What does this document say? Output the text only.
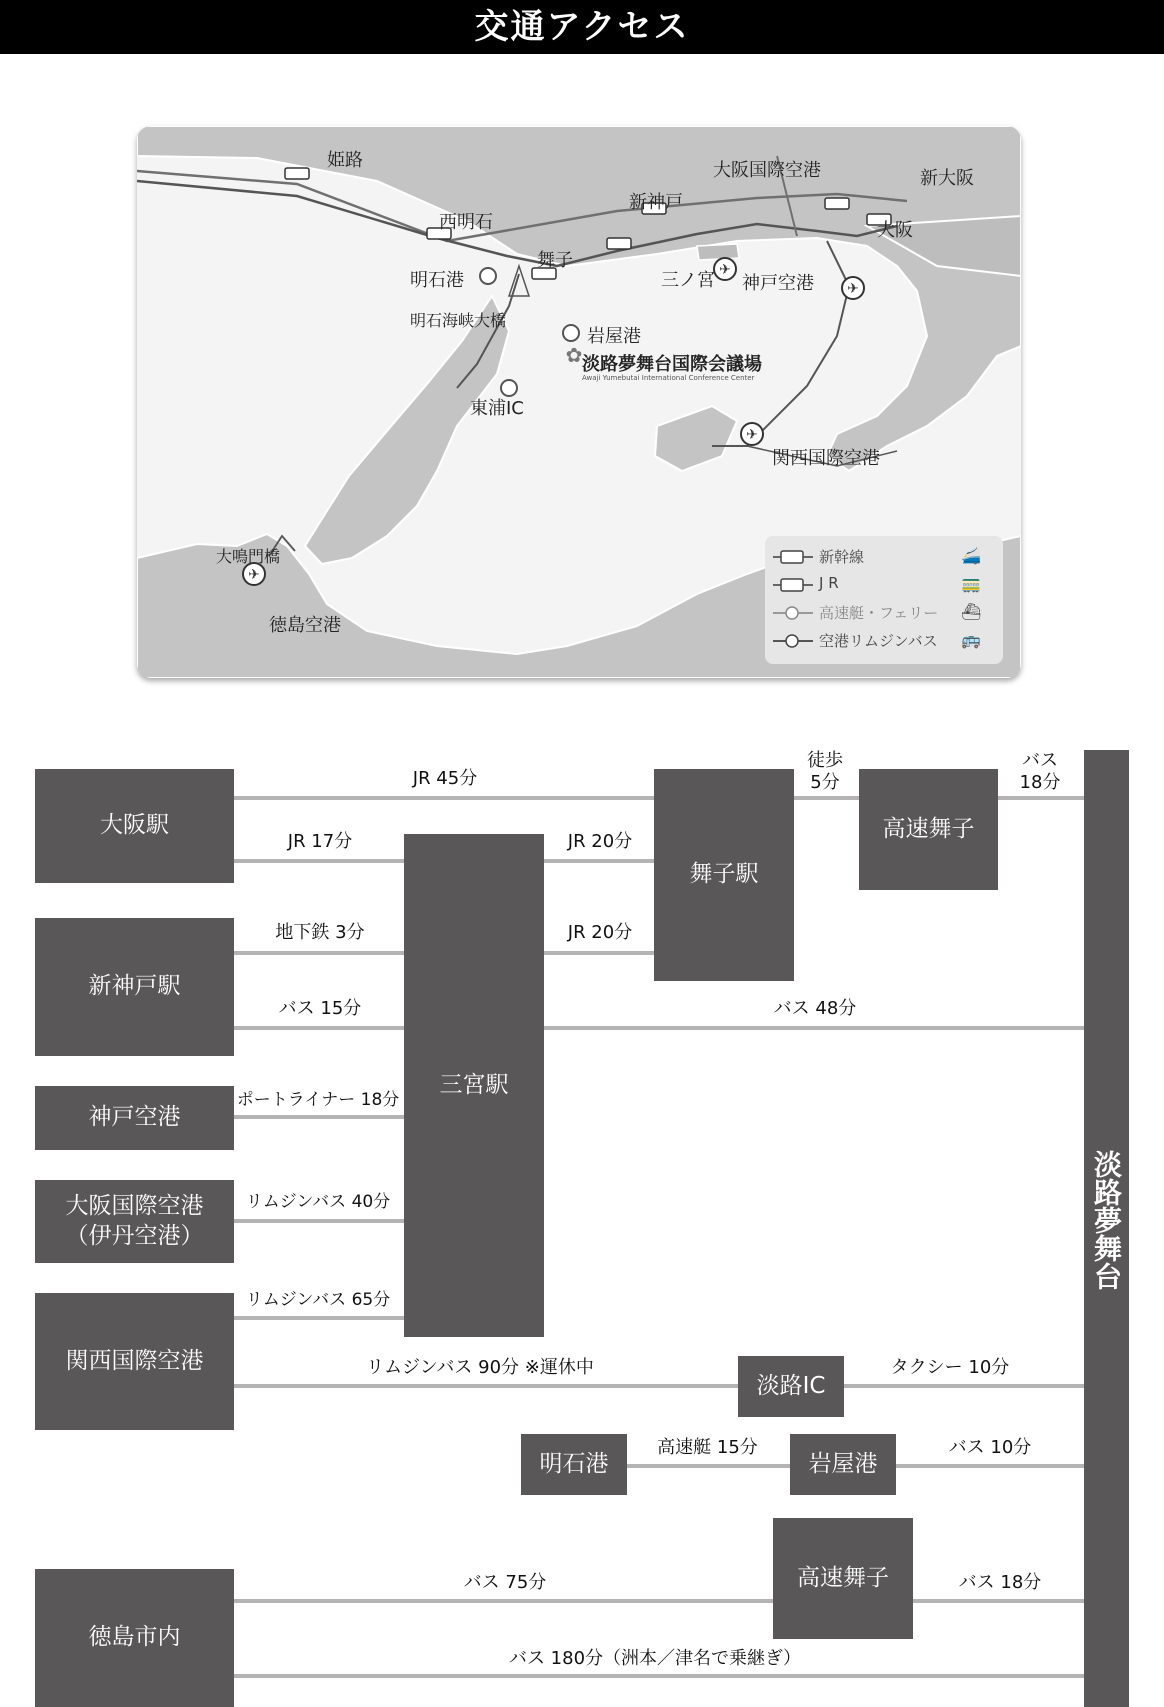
交通アクセス
✈
✈
✈
✈
✿
姫路
西明石
新神戸
大阪国際空港	新大阪
大阪
舞子
三ノ宮 神戸空港
明石港
明石海峡大橋
岩屋港
淡路夢舞台国際会議場
Awaji Yumebutai International Conference Center
東浦IC
関西国際空港
大鳴門橋
徳島空港
新幹線	🚄
J R	🚃
高速艇・フェリー ⛴
空港リムジンバス 🚌
大阪駅
新神戸駅
神戸空港
大阪国際空港
（伊丹空港）
関西国際空港
三宮駅
舞子駅
高速舞子
淡路IC
明石港	岩屋港
高速舞子
徳島市内
淡路夢舞台
JR 45分
徒歩
5分
バス
18分
JR 17分	JR 20分
地下鉄 3分	JR 20分
バス 15分	バス 48分
ポートライナー 18分
リムジンバス 40分
リムジンバス 65分
リムジンバス 90分 ※運休中	タクシー 10分
高速艇 15分	バス 10分
バス 75分	バス 18分
バス 180分（洲本／津名で乗継ぎ）
